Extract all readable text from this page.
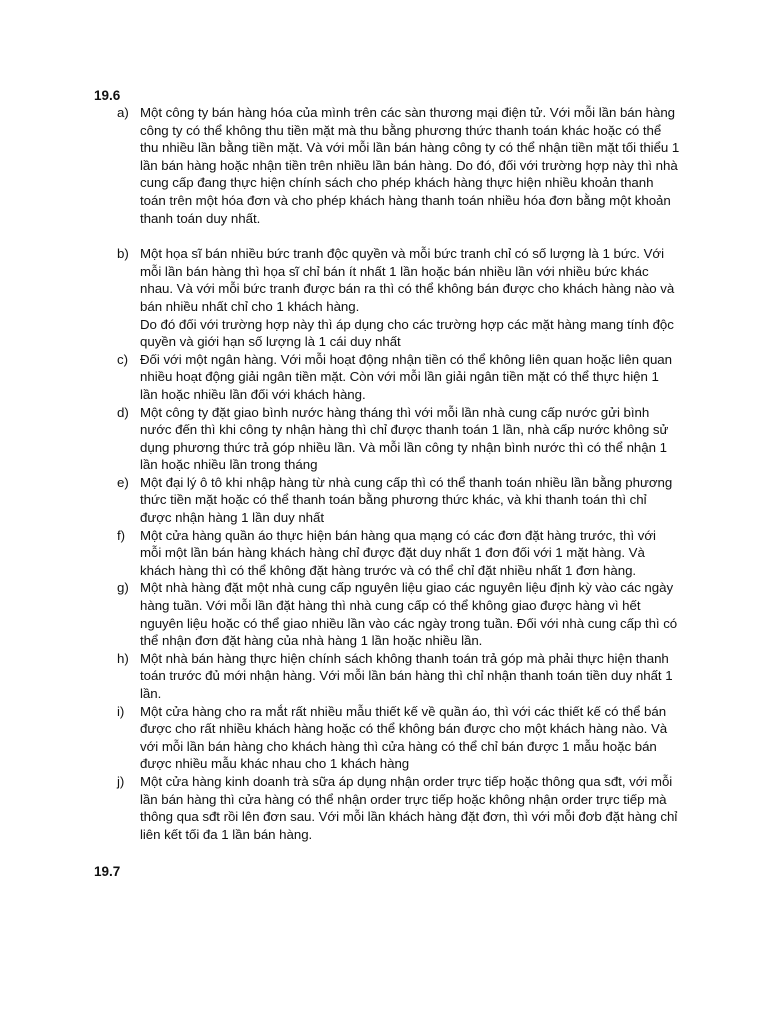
19.6
a) Một công ty bán hàng hóa của mình trên các sàn thương mại điện tử. Với mỗi lần bán hàng công ty có thể không thu tiền mặt mà thu bằng phương thức thanh toán khác hoặc có thể thu nhiều lần bằng tiền mặt. Và với mỗi lần bán hàng công ty có thể nhận tiền mặt tối thiểu 1 lần bán hàng hoặc nhận tiền trên nhiều lần bán hàng. Do đó, đối với trường hợp này thì nhà cung cấp đang thực hiện chính sách cho phép khách hàng thực hiện nhiều khoản thanh toán trên một hóa đơn và cho phép khách hàng thanh toán nhiều hóa đơn bằng một khoản thanh toán duy nhất.
b) Một họa sĩ bán nhiều bức tranh độc quyền và mỗi bức tranh chỉ có số lượng là 1 bức. Với mỗi lần bán hàng thì họa sĩ chỉ bán ít nhất 1 lần hoặc bán nhiều lần với nhiều bức khác nhau. Và với mỗi bức tranh được bán ra thì có thể không bán được cho khách hàng nào và bán nhiều nhất chỉ cho 1 khách hàng.
Do đó đối với trường hợp này thì áp dụng cho các trường hợp các mặt hàng mang tính độc quyền và giới hạn số lượng là 1 cái duy nhất
c) Đối với một ngân hàng. Với mỗi hoạt động nhận tiền có thể không liên quan hoặc liên quan nhiều hoạt động giải ngân tiền mặt. Còn với mỗi lần giải ngân tiền mặt có thể thực hiện 1 lần hoặc nhiều lần đối với khách hàng.
d) Một công ty đặt giao bình nước hàng tháng thì với mỗi lần nhà cung cấp nước gửi bình nước đến thì khi công ty nhận hàng thì chỉ được thanh toán 1 lần, nhà cấp nước không sử dụng phương thức trả góp nhiều lần. Và mỗi lần công ty nhận bình nước thì có thể nhận 1 lần hoặc nhiều lần trong tháng
e) Một đại lý ô tô khi nhập hàng từ nhà cung cấp thì có thể thanh toán nhiều lần bằng phương thức tiền mặt hoặc có thể thanh toán bằng phương thức khác, và khi thanh toán thì chỉ được nhận hàng 1 lần duy nhất
f) Một cửa hàng quần áo thực hiện bán hàng qua mạng có các đơn đặt hàng trước, thì với mỗi một lần bán hàng khách hàng chỉ được đặt duy nhất 1 đơn đối với 1 mặt hàng. Và khách hàng thì có thể không đặt hàng trước và có thể chỉ đặt nhiều nhất 1 đơn hàng.
g) Một nhà hàng đặt một nhà cung cấp nguyên liệu giao các nguyên liệu định kỳ vào các ngày hàng tuần. Với mỗi lần đặt hàng thì nhà cung cấp có thể không giao được hàng vì hết nguyên liệu hoặc có thể giao nhiều lần vào các ngày trong tuần. Đối với nhà cung cấp thì có thể nhận đơn đặt hàng của nhà hàng 1 lần hoặc nhiều lần.
h) Một nhà bán hàng thực hiện chính sách không thanh toán trả góp mà phải thực hiện thanh toán trước đủ mới nhận hàng. Với mỗi lần bán hàng thì chỉ nhận thanh toán tiền duy nhất 1 lần.
i) Một cửa hàng cho ra mắt rất nhiều mẫu thiết kế về quần áo, thì với các thiết kế có thể bán được cho rất nhiều khách hàng hoặc có thể không bán được cho một khách hàng nào. Và với mỗi lần bán hàng cho khách hàng thì cửa hàng có thể chỉ bán được 1 mẫu hoặc bán được nhiều mẫu khác nhau cho 1 khách hàng
j) Một cửa hàng kinh doanh trà sữa áp dụng nhận order trực tiếp hoặc thông qua sđt, với mỗi lần bán hàng thì cửa hàng có thể nhận order trực tiếp hoặc không nhận order trực tiếp mà thông qua sđt rồi lên đơn sau. Với mỗi lần khách hàng đặt đơn, thì với mỗi đơb đặt hàng chỉ liên kết tối đa 1 lần bán hàng.
19.7
